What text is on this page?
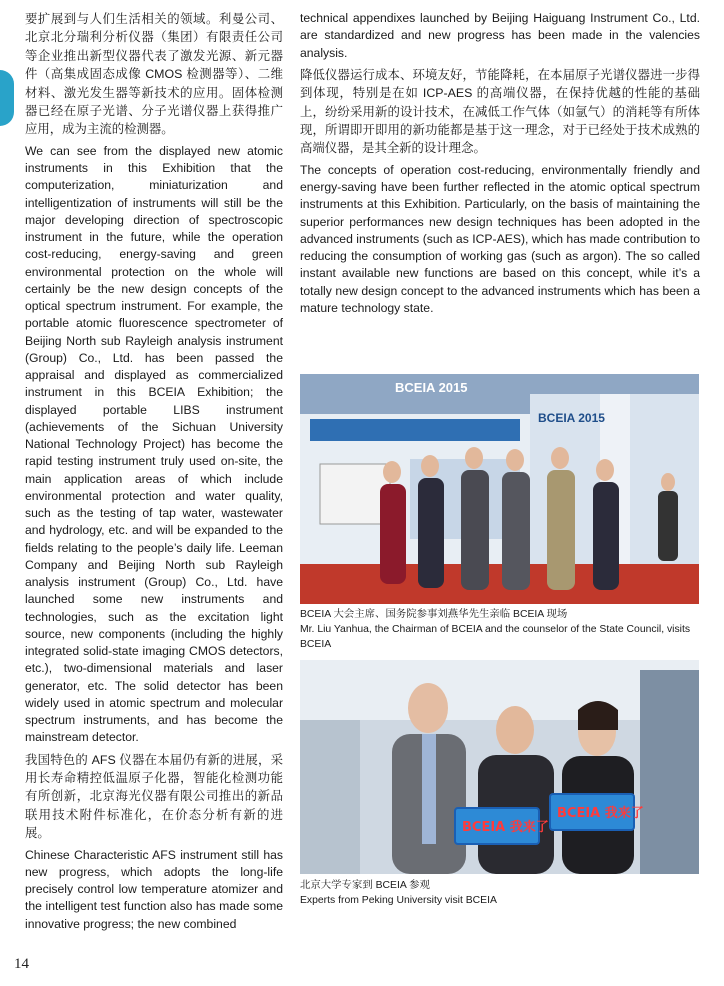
要扩展到与人们生活相关的领域。利曼公司、北京北分瑞利分析仪器（集团）有限责任公司等企业推出新型仪器代表了激发光源、新元器件（高集成固态成像 CMOS 检测器等）、二维材料、激光发生器等新技术的应用。固体检测器已经在原子光谱、分子光谱仪器上获得推广应用，成为主流的检测器。

We can see from the displayed new atomic instruments in this Exhibition that the computerization, miniaturization and intelligentization of instruments will still be the major developing direction of spectroscopic instrument in the future, while the operation cost-reducing, energy-saving and green environmental protection on the whole will certainly be the new design concepts of the optical spectrum instrument. For example, the portable atomic fluorescence spectrometer of Beijing North sub Rayleigh analysis instrument (Group) Co., Ltd. has been passed the appraisal and displayed as commercialized instrument in this BCEIA Exhibition; the displayed portable LIBS instrument (achievements of the Sichuan University National Technology Project) has become the rapid testing instrument truly used on-site, the main application areas of which include environmental protection and water quality, such as the testing of tap water, wastewater and hydrology, etc. and will be expanded to the fields relating to the people’s daily life. Leeman Company and Beijing North sub Rayleigh analysis instrument (Group) Co., Ltd. have launched some new instruments and technologies, such as the excitation light source, new components (including the highly integrated solid-state imaging CMOS detectors, etc.), two-dimensional materials and laser generator, etc. The solid detector has been widely used in atomic spectrum and molecular spectrum instruments, and has become the mainstream detector.

我国特色的 AFS 仪器在本届仍有新的进展，采用长寿命精控低温原子化器，智能化检测功能有所创新，北京海光仪器有限公司推出的新品联用技术附件标准化，在价态分析有新的进展。

Chinese Characteristic AFS instrument still has new progress, which adopts the long-life precisely control low temperature atomizer and the intelligent test function also has made some innovative progress; the new combined

technical appendixes launched by Beijing Haiguang Instrument Co., Ltd. are standardized and new progress has been made in the valencies analysis.

降低仪器运行成本、环境友好，节能降耗，在本届原子光谱仪器进一步得到体现，特别是在如 ICP-AES 的高端仪器，在保持优越的性能的基础上，纷纷采用新的设计技术，在减低工作气体（如氩气）的消耗等有所体现，所谓即开即用的新功能都是基于这一理念，对于已经处于技术成熟的高端仪器，是其全新的设计理念。

The concepts of operation cost-reducing, environmentally friendly and energy-saving have been further reflected in the atomic optical spectrum instruments at this Exhibition. Particularly, on the basis of maintaining the superior performances new design techniques has been adopted in the advanced instruments (such as ICP-AES), which has made contribution to reducing the consumption of working gas (such as argon). The so called instant available new functions are based on this concept, while it’s a totally new design concept to the advanced instruments which has been a mature technology state.

BCEIA 2015
BCEIA 2015
BCEIA 大会主席、国务院参事刘燕华先生亲临 BCEIA 现场
Mr. Liu Yanhua, the Chairman of BCEIA and the counselor of the State Council, visits BCEIA
BCEIA 我来了
BCEIA 我来了
北京大学专家到 BCEIA 参观
Experts from Peking University visit BCEIA
14
